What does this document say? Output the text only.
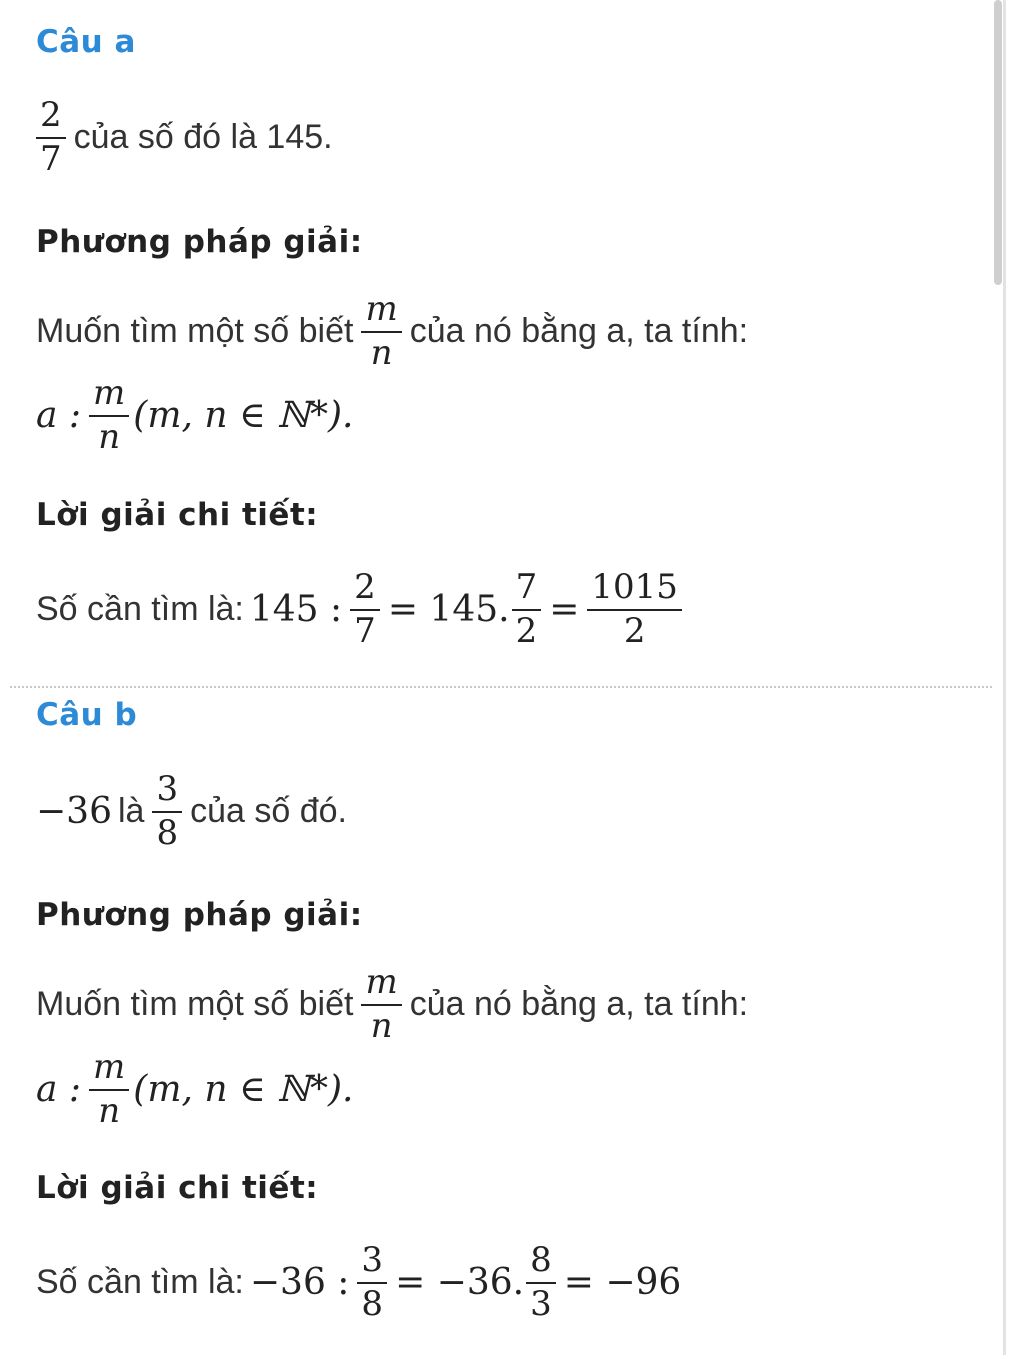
Câu a
$\frac{2}{7}$ của số đó là 145.
Phương pháp giải:
Muốn tìm một số biết $\frac{m}{n}$ của nó bằng a, ta tính:
a : $\frac{m}{n} (m$, n ∈ ℕ*).
Lời giải chi tiết:
Số cần tìm là: 145 : $\frac{2}{7} = 145$. $\frac{7}{2} = \frac{1015}{2}$
Câu b
−36 là $\frac{3}{8}$ của số đó.
Phương pháp giải:
Muốn tìm một số biết $\frac{m}{n}$ của nó bằng a, ta tính:
a : $\frac{m}{n} (m$, n ∈ ℕ*).
Lời giải chi tiết:
Số cần tìm là: −36 : $\frac{3}{8} = -36$. $\frac{8}{3} = -96$
